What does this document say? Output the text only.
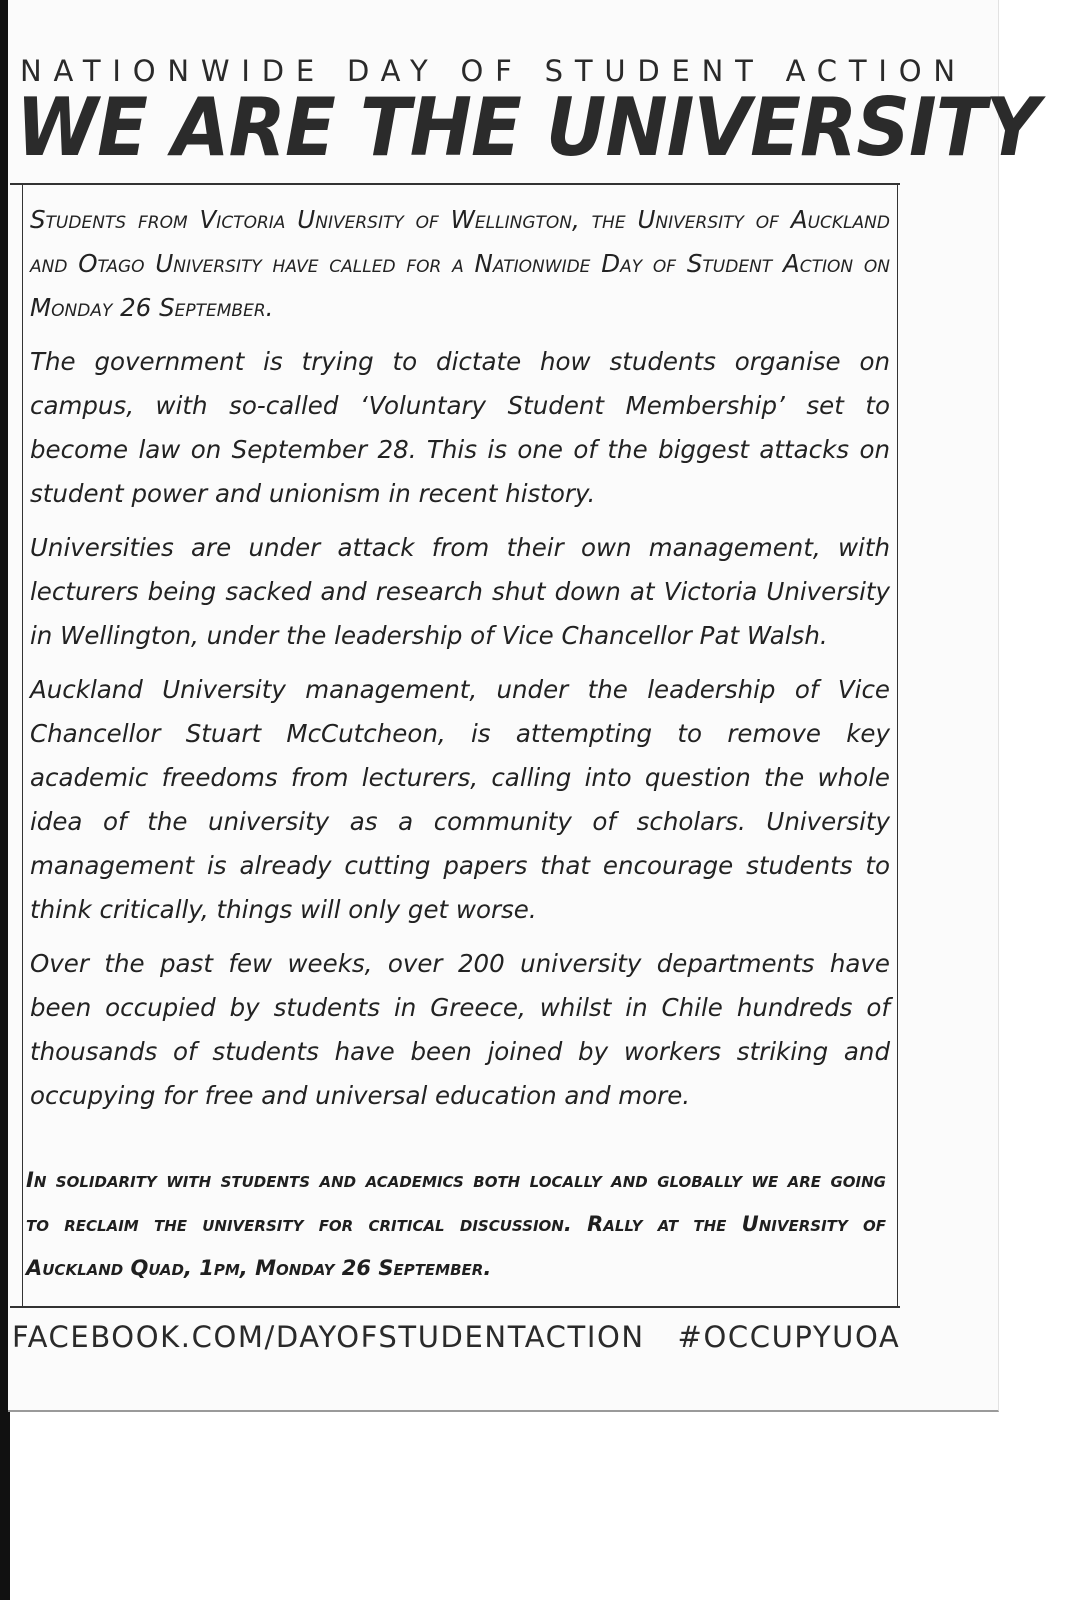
NATIONWIDE DAY OF STUDENT ACTION
WE ARE THE UNIVERSITY

Students from Victoria University of Wellington, the University of Auckland and Otago University have called for a Nationwide Day of Student Action on Monday 26 September.

The government is trying to dictate how students organise on campus, with so-called ‘Voluntary Student Membership’ set to become law on September 28. This is one of the biggest attacks on student power and unionism in recent history.

Universities are under attack from their own management, with lecturers being sacked and research shut down at Victoria University in Wellington, under the leadership of Vice Chancellor Pat Walsh.

Auckland University management, under the leadership of Vice Chancellor Stuart McCutcheon, is attempting to remove key academic freedoms from lecturers, calling into question the whole idea of the university as a community of scholars. University management is already cutting papers that encourage students to think critically, things will only get worse.

Over the past few weeks, over 200 university departments have been occupied by students in Greece, whilst in Chile hundreds of thousands of students have been joined by workers striking and occupying for free and universal education and more.

In solidarity with students and academics both locally and globally we are going to reclaim the university for critical discussion. Rally at the University of Auckland Quad, 1pm, Monday 26 September.
FACEBOOK.COM/DAYOFSTUDENTACTION #OCCUPYUOA
